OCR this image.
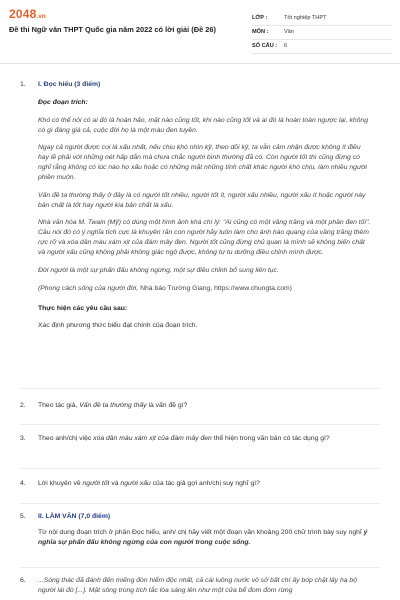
2048.vn
Đề thi Ngữ văn THPT Quốc gia năm 2022 có lời giải (Đề 26)
LỚP :	Tốt nghiệp THPT
MÔN :	Văn
SỐ CÂU :	6
1.	I. Đọc hiểu (3 điểm)
Đọc đoạn trích:
Khó có thể nói có ai đó là hoàn hảo, mặt nào cũng tốt, khi nào cũng tốt và ai đó là hoàn toàn ngược lại, không có gì đáng giá cả, cuộc đời họ là một màu đen tuyền.
Ngay cả người được coi là xấu nhất, nếu chịu khó nhìn kỹ, theo dõi kỹ, ta vẫn cảm nhận được không ít điều hay lẽ phải với những nét hấp dẫn mà chưa chắc người bình thường đã có. Còn người tốt thì cũng đừng có nghĩ rằng không có lúc nào họ xấu hoặc có những mặt những tính chất khác người khó chịu, làm nhiều người phiền muộn.
Vấn đề ta thường thấy ở đây là có người tốt nhiều, người tốt ít, người xấu nhiều, người xấu ít hoặc người này bản chất là tốt hay người kia bản chất là xấu.
Nhà văn hóa M. Twain (Mỹ) có dùng một hình ảnh khá chí lý: "Ai cũng có một vầng trăng và một phần đen tối". Câu nói đó có ý nghĩa tích cực là khuyên răn con người hãy luôn làm cho ánh hào quang của vầng trăng thêm rực rỡ và xóa dần màu xám xịt của đám mây đen. Người tốt cũng đừng chủ quan là mình sẽ không biến chất và người xấu cũng không phải không giác ngộ được, không tự tu dưỡng điều chỉnh mình được.
Đời người là một sự phấn đấu không ngừng, một sự điều chỉnh bổ sung liên tục.
(Phong cách sống của người đời, Nhà báo Trường Giang, https://www.chungta.com)
Thực hiện các yêu cầu sau:
Xác định phương thức biểu đạt chính của đoạn trích.
2.	Theo tác giả, Vấn đề ta thường thấy là vấn đề gì?
3.	Theo anh/chị việc xóa dần màu xám xịt của đám mây đen thể hiện trong văn bản có tác dụng gì?
4.	Lời khuyên về người tốt và người xấu của tác giả gợi anh/chị suy nghĩ gì?
5.	II. LÀM VĂN (7,0 điểm)
Từ nội dung đoạn trích ở phần Đọc hiểu, anh/ chị hãy viết một đoạn văn khoảng 200 chữ trình bày suy nghĩ ý nghĩa sự phấn đấu không ngừng của con người trong cuộc sống.
6.	...Sóng thác đã đánh đến miếng đòn hiểm độc nhất, cả cái luồng nước vô sở bất chí ấy bóp chặt lấy hạ bộ người lái đò [...]. Mặt sông trong tích tắc lòa sáng lên như một cửa bể đom đóm rừng
